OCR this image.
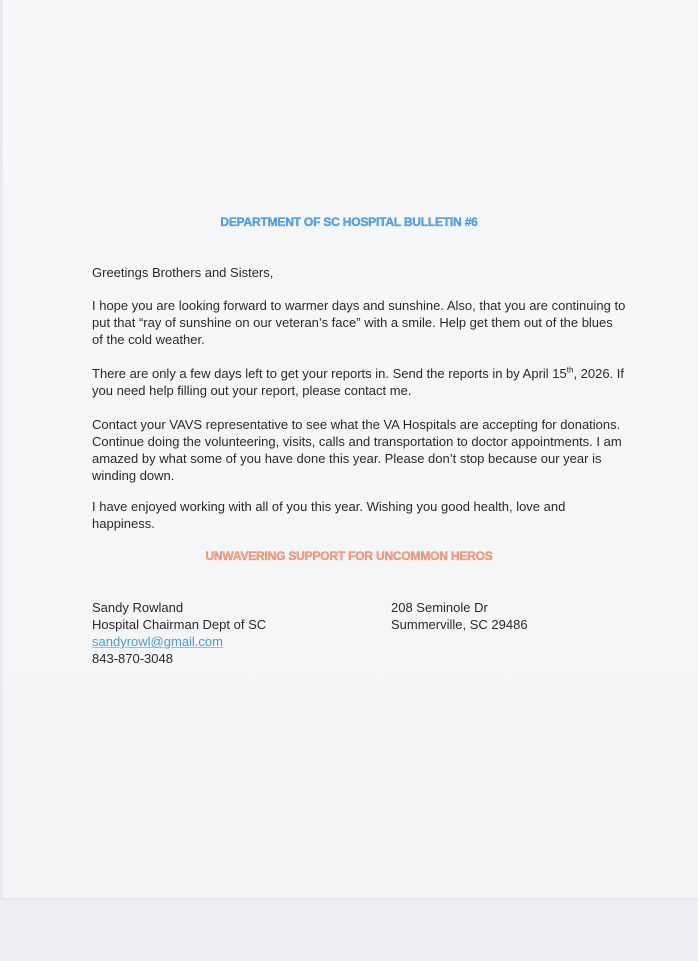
DEPARTMENT OF SC HOSPITAL BULLETIN #6
Greetings Brothers and Sisters,
I hope you are looking forward to warmer days and sunshine. Also, that you are continuing to put that “ray of sunshine on our veteran’s face” with a smile. Help get them out of the blues of the cold weather.
There are only a few days left to get your reports in. Send the reports in by April 15th, 2026. If you need help filling out your report, please contact me.
Contact your VAVS representative to see what the VA Hospitals are accepting for donations. Continue doing the volunteering, visits, calls and transportation to doctor appointments. I am amazed by what some of you have done this year. Please don’t stop because our year is winding down.
I have enjoyed working with all of you this year. Wishing you good health, love and happiness.
UNWAVERING SUPPORT FOR UNCOMMON HEROS
Sandy Rowland
Hospital Chairman Dept of SC
sandyrowl@gmail.com
843-870-3048
208 Seminole Dr
Summerville, SC 29486
